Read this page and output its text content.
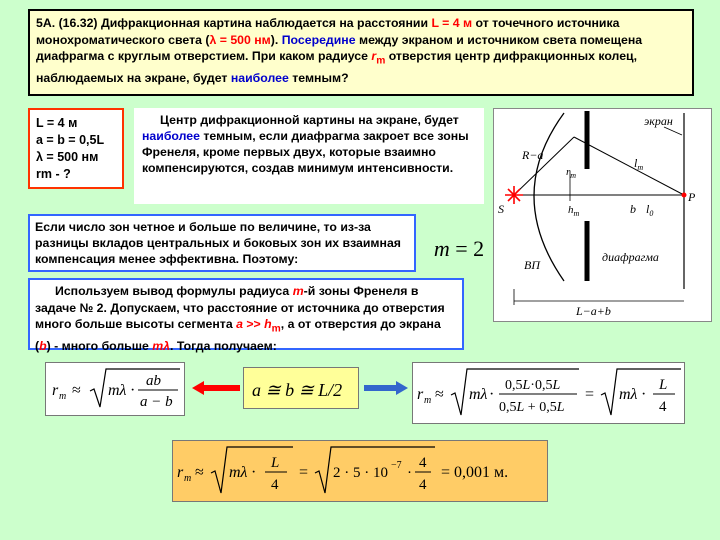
5А. (16.32) Дифракционная картина наблюдается на расстоянии L = 4 м от точечного источника монохроматического света (λ = 500 нм). Посередине между экраном и источником света помещена диафрагма с круглым отверстием. При каком радиусе $r_m$ отверстия центр дифракционных колец, наблюдаемых на экране, будет наиболее темным?
L = 4 м
a = b = 0,5L
λ = 500 нм
rm - ?
Центр дифракционной картины на экране, будет наиболее темным, если диафрагма закроет все зоны Френеля, кроме первых двух, которые взаимно компенсируются, создав минимум интенсивности.
экран
R−a
$r_m$
$l_m$
S	$h_m$	b $l_0$
P
ВП
диафрагма
L−a+b
Если число зон четное и больше по величине, то из-за разницы вкладов центральных и боковых зон их взаимная компенсация менее эффективна. Поэтому:	m = 2
Используем вывод формулы радиуса m-й зоны Френеля в задаче № 2. Допускаем, что расстояние от источника до отверстия много больше высоты сегмента $a >> h_m$, а от отверстия до экрана (b) - много больше mλ. Тогда получаем:
r m ≈ mλ ·
ab
a − b
a ≅ b ≅ L/2	r m ≈ mλ ·
0,5L·0,5L
0,5L + 0,5L
= mλ ·
L
4
r m ≈ mλ ·
L
4
= 2 · 5 · 10 −7 ·
4
4
= 0,001 м.
